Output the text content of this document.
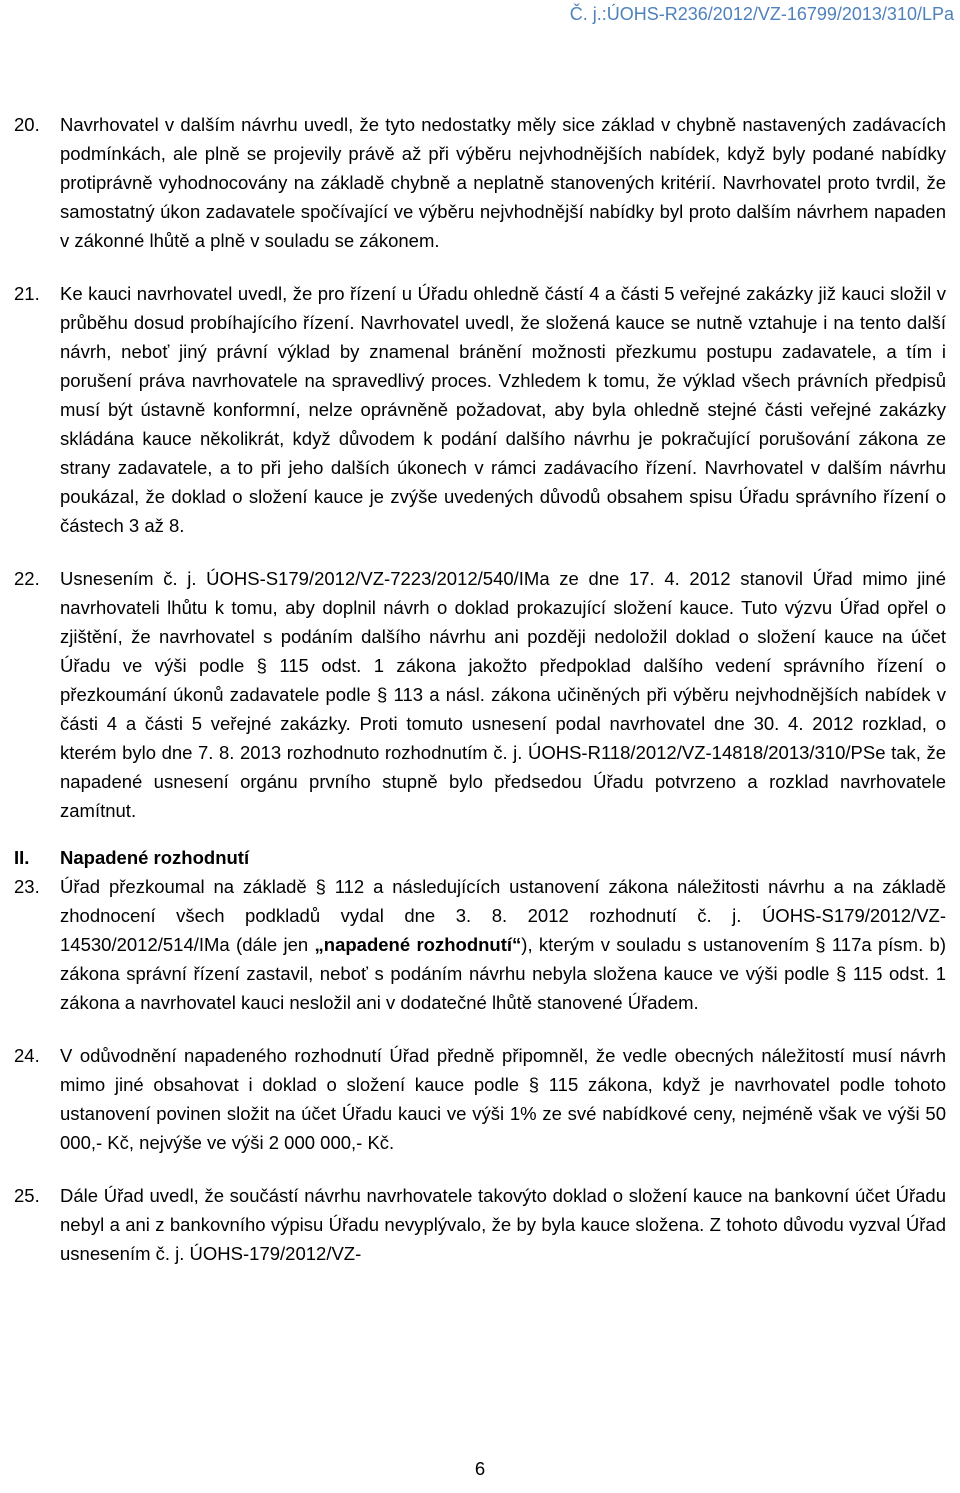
Č. j.:ÚOHS-R236/2012/VZ-16799/2013/310/LPa
20. Navrhovatel v dalším návrhu uvedl, že tyto nedostatky měly sice základ v chybně nastavených zadávacích podmínkách, ale plně se projevily právě až při výběru nejvhodnějších nabídek, když byly podané nabídky protiprávně vyhodnocovány na základě chybně a neplatně stanovených kritérií. Navrhovatel proto tvrdil, že samostatný úkon zadavatele spočívající ve výběru nejvhodnější nabídky byl proto dalším návrhem napaden v zákonné lhůtě a plně v souladu se zákonem.
21. Ke kauci navrhovatel uvedl, že pro řízení u Úřadu ohledně částí 4 a části 5 veřejné zakázky již kauci složil v průběhu dosud probíhajícího řízení. Navrhovatel uvedl, že složená kauce se nutně vztahuje i na tento další návrh, neboť jiný právní výklad by znamenal bránění možnosti přezkumu postupu zadavatele, a tím i porušení práva navrhovatele na spravedlivý proces. Vzhledem k tomu, že výklad všech právních předpisů musí být ústavně konformní, nelze oprávněně požadovat, aby byla ohledně stejné části veřejné zakázky skládána kauce několikrát, když důvodem k podání dalšího návrhu je pokračující porušování zákona ze strany zadavatele, a to při jeho dalších úkonech v rámci zadávacího řízení. Navrhovatel v dalším návrhu poukázal, že doklad o složení kauce je zvýše uvedených důvodů obsahem spisu Úřadu správního řízení o částech 3 až 8.
22. Usnesením č. j. ÚOHS-S179/2012/VZ-7223/2012/540/IMa ze dne 17. 4. 2012 stanovil Úřad mimo jiné navrhovateli lhůtu k tomu, aby doplnil návrh o doklad prokazující složení kauce. Tuto výzvu Úřad opřel o zjištění, že navrhovatel s podáním dalšího návrhu ani později nedoložil doklad o složení kauce na účet Úřadu ve výši podle § 115 odst. 1 zákona jakožto předpoklad dalšího vedení správního řízení o přezkoumání úkonů zadavatele podle § 113 a násl. zákona učiněných při výběru nejvhodnějších nabídek v části 4 a části 5 veřejné zakázky. Proti tomuto usnesení podal navrhovatel dne 30. 4. 2012 rozklad, o kterém bylo dne 7. 8. 2013 rozhodnuto rozhodnutím č. j. ÚOHS-R118/2012/VZ-14818/2013/310/PSe tak, že napadené usnesení orgánu prvního stupně bylo předsedou Úřadu potvrzeno a rozklad navrhovatele zamítnut.
II. Napadené rozhodnutí
23. Úřad přezkoumal na základě § 112 a následujících ustanovení zákona náležitosti návrhu a na základě zhodnocení všech podkladů vydal dne 3. 8. 2012 rozhodnutí č. j. ÚOHS-S179/2012/VZ-14530/2012/514/IMa (dále jen „napadené rozhodnutí“), kterým v souladu s ustanovením § 117a písm. b) zákona správní řízení zastavil, neboť s podáním návrhu nebyla složena kauce ve výši podle § 115 odst. 1 zákona a navrhovatel kauci nesložil ani v dodatečné lhůtě stanovené Úřadem.
24. V odůvodnění napadeného rozhodnutí Úřad předně připomněl, že vedle obecných náležitostí musí návrh mimo jiné obsahovat i doklad o složení kauce podle § 115 zákona, když je navrhovatel podle tohoto ustanovení povinen složit na účet Úřadu kauci ve výši 1% ze své nabídkové ceny, nejméně však ve výši 50 000,- Kč, nejvýše ve výši 2 000 000,- Kč.
25. Dále Úřad uvedl, že součástí návrhu navrhovatele takovýto doklad o složení kauce na bankovní účet Úřadu nebyl a ani z bankovního výpisu Úřadu nevyplývalo, že by byla kauce složena. Z tohoto důvodu vyzval Úřad usnesením č. j. ÚOHS-179/2012/VZ-
6
